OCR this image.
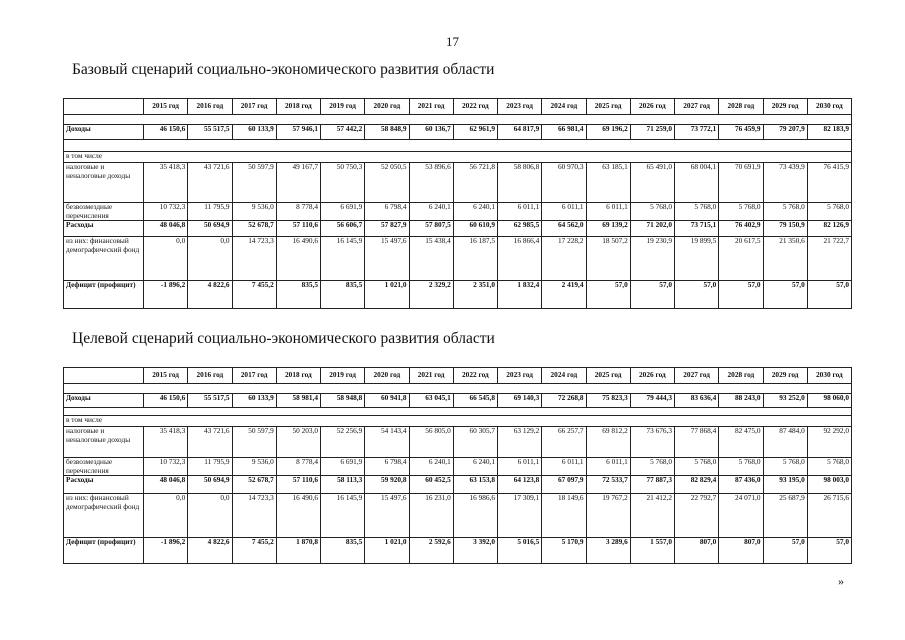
17
Базовый сценарий социально-экономического развития области
	2015 год	2016 год	2017 год	2018 год	2019 год	2020 год	2021 год	2022 год	2023 год	2024 год	2025 год	2026 год	2027 год	2028 год	2029 год	2030 год

Доходы	46 150,6	55 517,5	60 133,9	57 946,1	57 442,2	58 848,9	60 136,7	62 961,9	64 817,9	66 981,4	69 196,2	71 259,0	73 772,1	76 459,9	79 207,9	82 183,9

в том числе																
налоговые и неналоговые доходы	35 418,3	43 721,6	50 597,9	49 167,7	50 750,3	52 050,5	53 896,6	56 721,8	58 806,8	60 970,3	63 185,1	65 491,0	68 004,1	70 691,9	73 439,9	76 415,9
безвозмездные перечисления	10 732,3	11 795,9	9 536,0	8 778,4	6 691,9	6 798,4	6 240,1	6 240,1	6 011,1	6 011,1	6 011,1	5 768,0	5 768,0	5 768,0	5 768,0	5 768,0
Расходы	48 046,8	50 694,9	52 678,7	57 110,6	56 606,7	57 827,9	57 807,5	60 610,9	62 985,5	64 562,0	69 139,2	71 202,0	73 715,1	76 402,9	79 150,9	82 126,9
из них: финансовый демографический фонд	0,0	0,0	14 723,3	16 490,6	16 145,9	15 497,6	15 438,4	16 187,5	16 866,4	17 228,2	18 507,2	19 230,9	19 899,5	20 617,5	21 350,6	21 722,7
Дефицит (профицит)	-1 896,2	4 822,6	7 455,2	835,5	835,5	1 021,0	2 329,2	2 351,0	1 832,4	2 419,4	57,0	57,0	57,0	57,0	57,0	57,0
Целевой сценарий социально-экономического развития области
	2015 год	2016 год	2017 год	2018 год	2019 год	2020 год	2021 год	2022 год	2023 год	2024 год	2025 год	2026 год	2027 год	2028 год	2029 год	2030 год

Доходы	46 150,6	55 517,5	60 133,9	58 981,4	58 948,8	60 941,8	63 045,1	66 545,8	69 140,3	72 268,8	75 823,3	79 444,3	83 636,4	88 243,0	93 252,0	98 060,0

в том числе																
налоговые и неналоговые доходы	35 418,3	43 721,6	50 597,9	50 203,0	52 256,9	54 143,4	56 805,0	60 305,7	63 129,2	66 257,7	69 812,2	73 676,3	77 868,4	82 475,0	87 484,0	92 292,0
безвозмездные перечисления	10 732,3	11 795,9	9 536,0	8 778,4	6 691,9	6 798,4	6 240,1	6 240,1	6 011,1	6 011,1	6 011,1	5 768,0	5 768,0	5 768,0	5 768,0	5 768,0
Расходы	48 046,8	50 694,9	52 678,7	57 110,6	58 113,3	59 920,8	60 452,5	63 153,8	64 123,8	67 097,9	72 533,7	77 887,3	82 829,4	87 436,0	93 195,0	98 003,0
из них: финансовый демографический фонд	0,0	0,0	14 723,3	16 490,6	16 145,9	15 497,6	16 231,0	16 986,6	17 309,1	18 149,6	19 767,2	21 412,2	22 792,7	24 071,0	25 687,9	26 715,6
Дефицит (профицит)	-1 896,2	4 822,6	7 455,2	1 870,8	835,5	1 021,0	2 592,6	3 392,0	5 016,5	5 170,9	3 289,6	1 557,0	807,0	807,0	57,0	57,0
»
